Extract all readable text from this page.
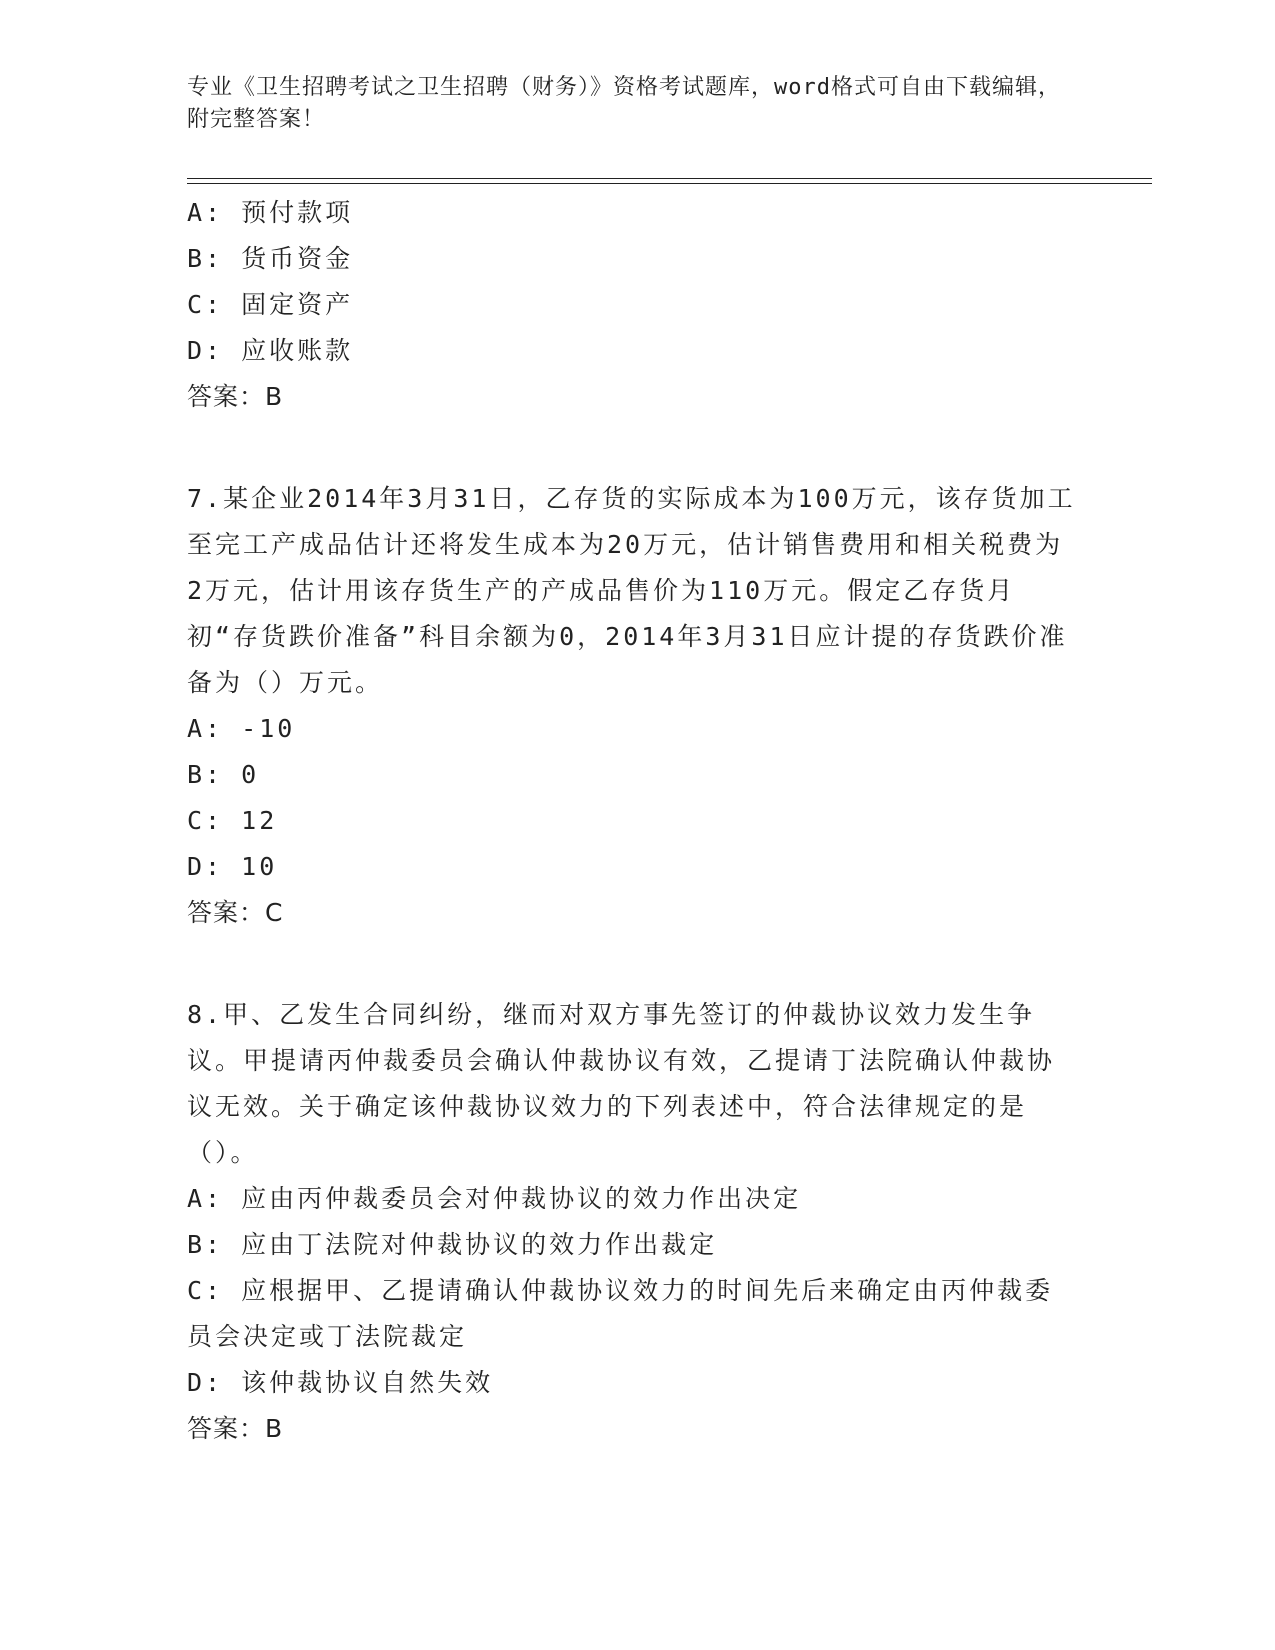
专业《卫生招聘考试之卫生招聘（财务）》资格考试题库，word格式可自由下载编辑，附完整答案！
A: 预付款项
B: 货币资金
C: 固定资产
D: 应收账款
答案：B
7.某企业2014年3月31日，乙存货的实际成本为100万元，该存货加工至完工产成品估计还将发生成本为20万元，估计销售费用和相关税费为2万元，估计用该存货生产的产成品售价为110万元。假定乙存货月初“存货跌价准备”科目余额为0，2014年3月31日应计提的存货跌价准备为（）万元。
A: -10
B: 0
C: 12
D: 10
答案：C
8.甲、乙发生合同纠纷，继而对双方事先签订的仲裁协议效力发生争议。甲提请丙仲裁委员会确认仲裁协议有效，乙提请丁法院确认仲裁协议无效。关于确定该仲裁协议效力的下列表述中，符合法律规定的是（）。
A: 应由丙仲裁委员会对仲裁协议的效力作出决定
B: 应由丁法院对仲裁协议的效力作出裁定
C: 应根据甲、乙提请确认仲裁协议效力的时间先后来确定由丙仲裁委员会决定或丁法院裁定
D: 该仲裁协议自然失效
答案：B
